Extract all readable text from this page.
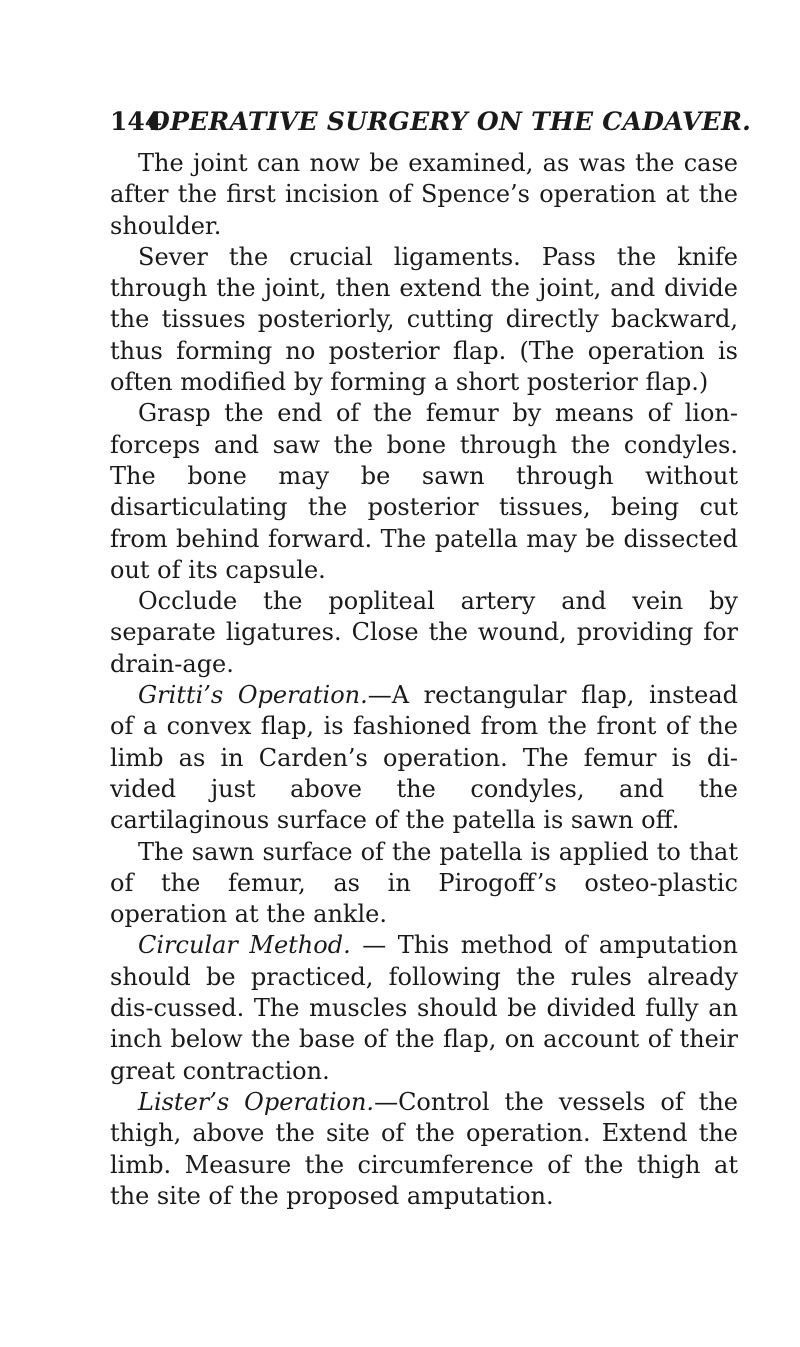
144OPERATIVE SURGERY ON THE CADAVER.

The joint can now be examined, as was the case after the first incision of Spence’s operation at the shoulder.

Sever the crucial ligaments. Pass the knife through the joint, then extend the joint, and divide the tissues posteriorly, cutting directly backward, thus forming no posterior flap. (The operation is often modified by forming a short posterior flap.)

Grasp the end of the femur by means of lion-forceps and saw the bone through the condyles. The bone may be sawn through without disarticulating the posterior tissues, being cut from behind forward. The patella may be dissected out of its capsule.

Occlude the popliteal artery and vein by separate ligatures. Close the wound, providing for drain-age.

Gritti’s Operation.—A rectangular flap, instead of a convex flap, is fashioned from the front of the limb as in Carden’s operation. The femur is di-vided just above the condyles, and the cartilaginous surface of the patella is sawn off.

The sawn surface of the patella is applied to that of the femur, as in Pirogoff’s osteo-plastic operation at the ankle.

Circular Method. — This method of amputation should be practiced, following the rules already dis-cussed. The muscles should be divided fully an inch below the base of the flap, on account of their great contraction.

Lister’s Operation.—Control the vessels of the thigh, above the site of the operation. Extend the limb. Measure the circumference of the thigh at the site of the proposed amputation.
